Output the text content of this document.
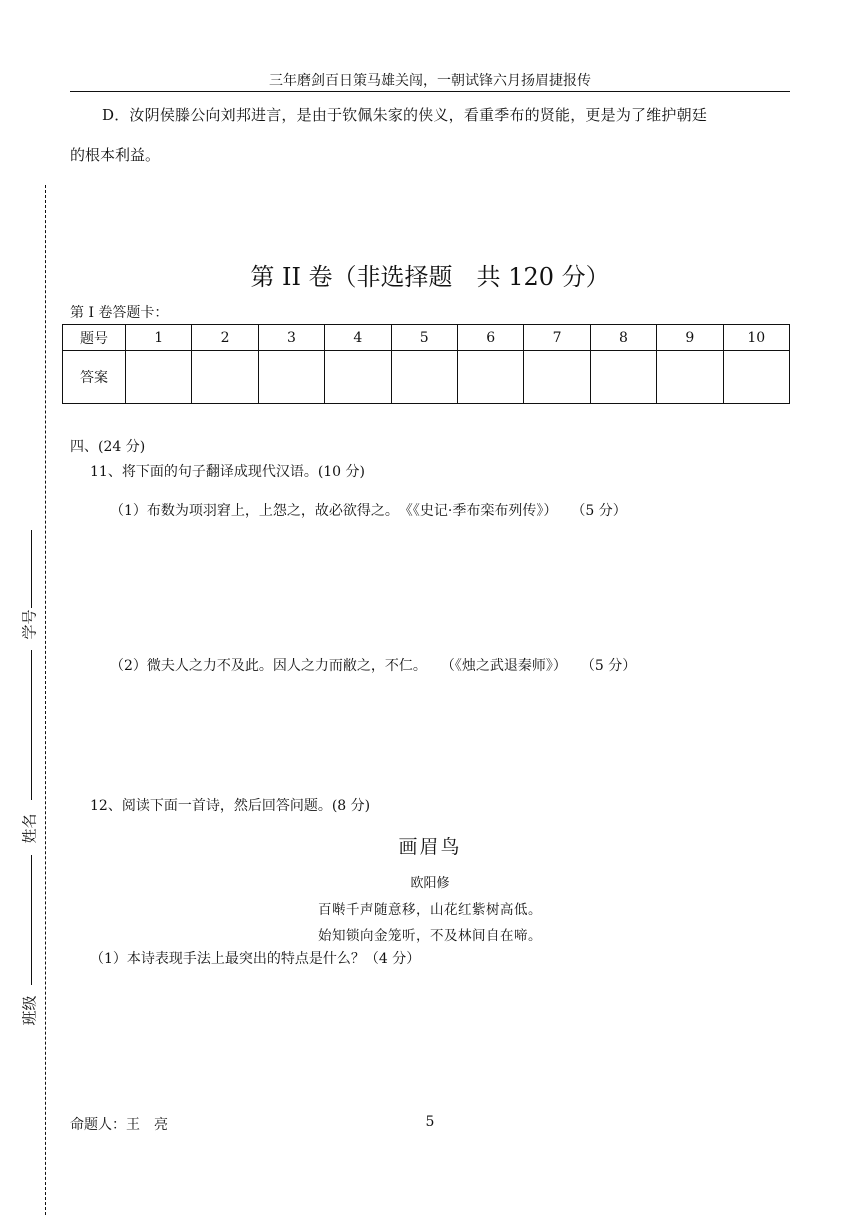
三年磨剑百日策马雄关闯，一朝试锋六月扬眉捷报传
D．汝阴侯滕公向刘邦进言，是由于钦佩朱家的侠义，看重季布的贤能，更是为了维护朝廷
的根本利益。
学号
姓名
班级
第 II 卷（非选择题　共 120 分）
第 I 卷答题卡：
题号	1	2	3	4	5	6	7	8	9	10
答案										
四、(24 分)
11、将下面的句子翻译成现代汉语。(10 分)
（1）布数为项羽窘上，上怨之，故必欲得之。　《《史记·季布栾布列传》）　　（5 分）
（2）微夫人之力不及此。因人之力而敝之，不仁。　　（《烛之武退秦师》）　　（5 分）
12、阅读下面一首诗，然后回答问题。(8 分)
画眉鸟
欧阳修
百啭千声随意移，山花红紫树高低。
始知锁向金笼听，不及林间自在啼。
（1）本诗表现手法上最突出的特点是什么？（4 分）
命题人：王　亮	5
